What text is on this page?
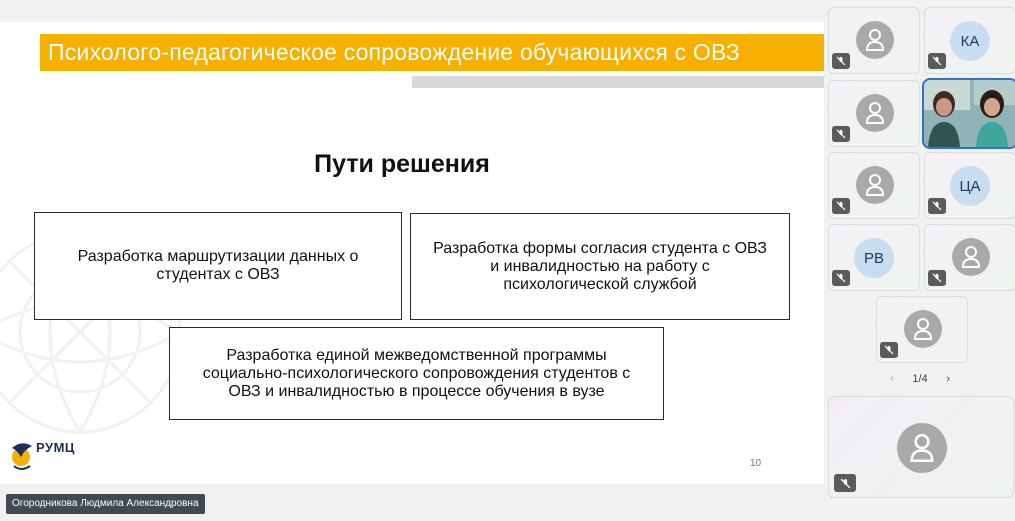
Психолого-педагогическое сопровождение обучающихся с ОВЗ
Пути решения
Разработка маршрутизации данных о
студентах с ОВЗ
Разработка формы согласия студента с ОВЗ
и инвалидностью на работу с
психологической службой
Разработка единой межведомственной программы
социально-психологического сопровождения студентов с
ОВЗ и инвалидностью в процессе обучения в вузе
РУМЦ
10
Огородникова Людмила Александровна
КА
ЦА
РВ
‹ 1/4 ›
